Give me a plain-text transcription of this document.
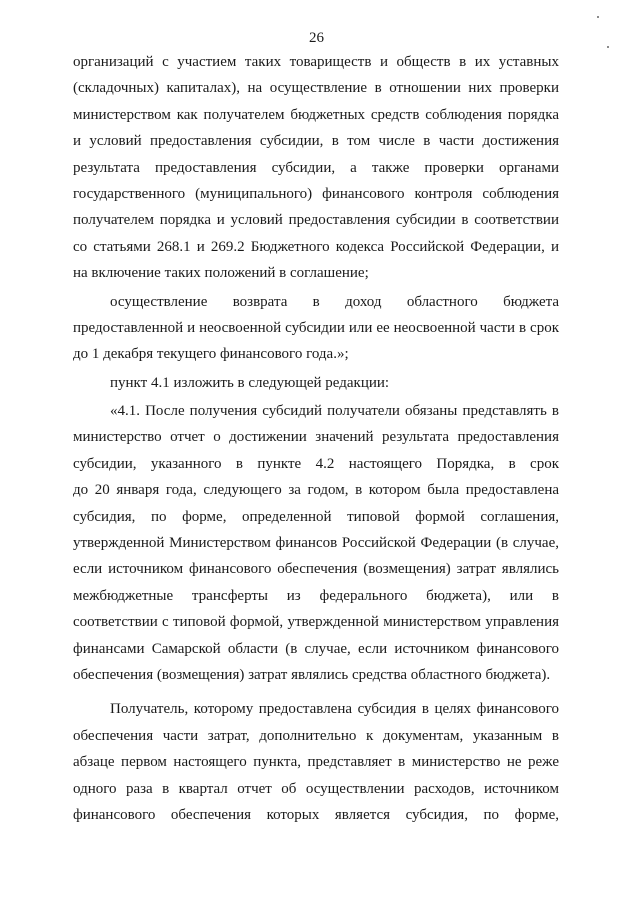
26
организаций с участием таких товариществ и обществ в их уставных
(складочных) капиталах), на осуществление в отношении них проверки
министерством как получателем бюджетных средств соблюдения порядка
и условий предоставления субсидии, в том числе в части достижения
результата предоставления субсидии, а также проверки органами
государственного (муниципального) финансового контроля соблюдения
получателем порядка и условий предоставления субсидии в соответствии
со статьями 268.1 и 269.2 Бюджетного кодекса Российской Федерации, и
на включение таких положений в соглашение;
осуществление возврата в доход областного бюджета
предоставленной и неосвоенной субсидии или ее неосвоенной части в срок
до 1 декабря текущего финансового года.»;
пункт 4.1 изложить в следующей редакции:
«4.1. После получения субсидий получатели обязаны представлять в
министерство отчет о достижении значений результата предоставления
субсидии, указанного в пункте 4.2 настоящего Порядка, в срок
до 20 января года, следующего за годом, в котором была предоставлена
субсидия, по форме, определенной типовой формой соглашения,
утвержденной Министерством финансов Российской Федерации (в случае,
если источником финансового обеспечения (возмещения) затрат являлись
межбюджетные трансферты из федерального бюджета), или в
соответствии с типовой формой, утвержденной министерством управления
финансами Самарской области (в случае, если источником финансового
обеспечения (возмещения) затрат являлись средства областного бюджета).
Получатель, которому предоставлена субсидия в целях финансового
обеспечения части затрат, дополнительно к документам, указанным в
абзаце первом настоящего пункта, представляет в министерство не реже
одного раза в квартал отчет об осуществлении расходов, источником
финансового обеспечения которых является субсидия, по форме,
